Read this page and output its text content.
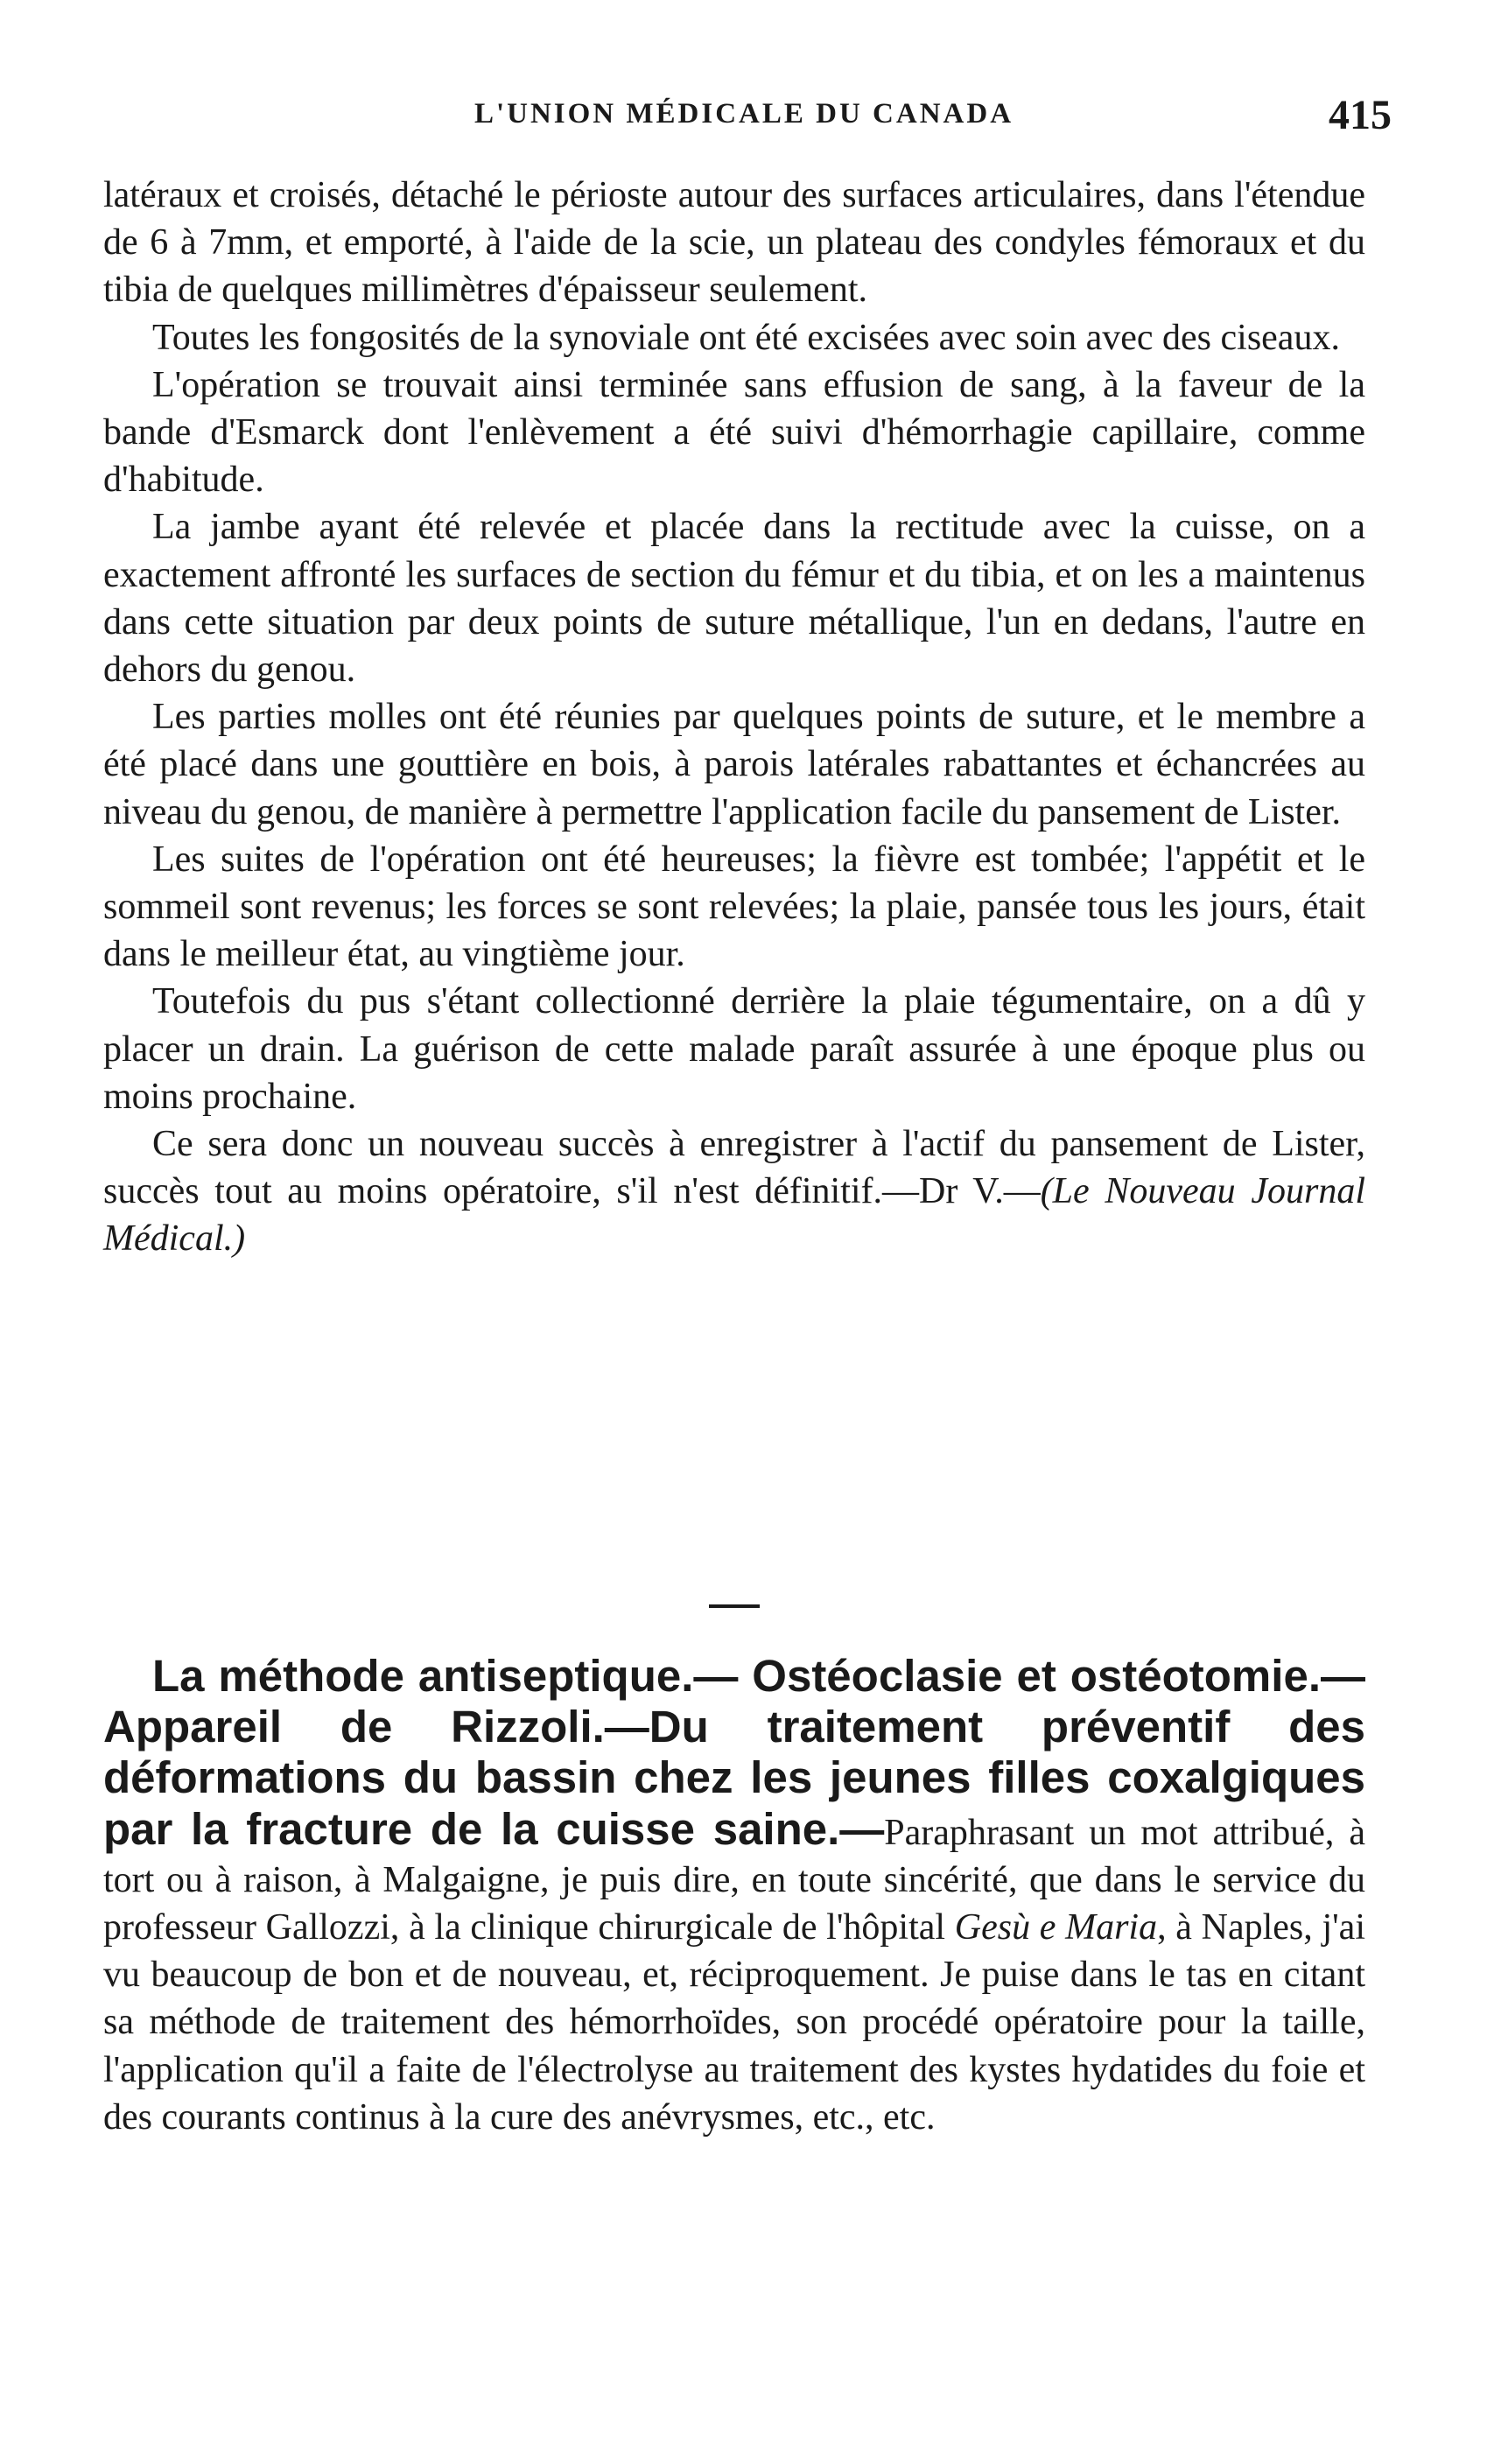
L'UNION MÉDICALE DU CANADA	415

latéraux et croisés, détaché le périoste autour des surfaces articulaires, dans l'étendue de 6 à 7mm, et emporté, à l'aide de la scie, un plateau des condyles fémoraux et du tibia de quelques millimètres d'épaisseur seulement.

Toutes les fongosités de la synoviale ont été excisées avec soin avec des ciseaux.

L'opération se trouvait ainsi terminée sans effusion de sang, à la faveur de la bande d'Esmarck dont l'enlèvement a été suivi d'hémorrhagie capillaire, comme d'habitude.

La jambe ayant été relevée et placée dans la rectitude avec la cuisse, on a exactement affronté les surfaces de section du fémur et du tibia, et on les a maintenus dans cette situation par deux points de suture métallique, l'un en dedans, l'autre en dehors du genou.

Les parties molles ont été réunies par quelques points de suture, et le membre a été placé dans une gouttière en bois, à parois latérales rabattantes et échancrées au niveau du genou, de manière à permettre l'application facile du pansement de Lister.

Les suites de l'opération ont été heureuses; la fièvre est tombée; l'appétit et le sommeil sont revenus; les forces se sont relevées; la plaie, pansée tous les jours, était dans le meilleur état, au vingtième jour.

Toutefois du pus s'étant collectionné derrière la plaie tégumentaire, on a dû y placer un drain. La guérison de cette malade paraît assurée à une époque plus ou moins prochaine.

Ce sera donc un nouveau succès à enregistrer à l'actif du pansement de Lister, succès tout au moins opératoire, s'il n'est définitif.—Dr V.—(Le Nouveau Journal Médical.)

La méthode antiseptique.— Ostéoclasie et ostéotomie.—Appareil de Rizzoli.—Du traitement préventif des déformations du bassin chez les jeunes filles coxalgiques par la fracture de la cuisse saine.—Paraphrasant un mot attribué, à tort ou à raison, à Malgaigne, je puis dire, en toute sincérité, que dans le service du professeur Gallozzi, à la clinique chirurgicale de l'hôpital Gesù e Maria, à Naples, j'ai vu beaucoup de bon et de nouveau, et, réciproquement. Je puise dans le tas en citant sa méthode de traitement des hémorrhoïdes, son procédé opératoire pour la taille, l'application qu'il a faite de l'électrolyse au traitement des kystes hydatides du foie et des courants continus à la cure des anévrysmes, etc., etc.
